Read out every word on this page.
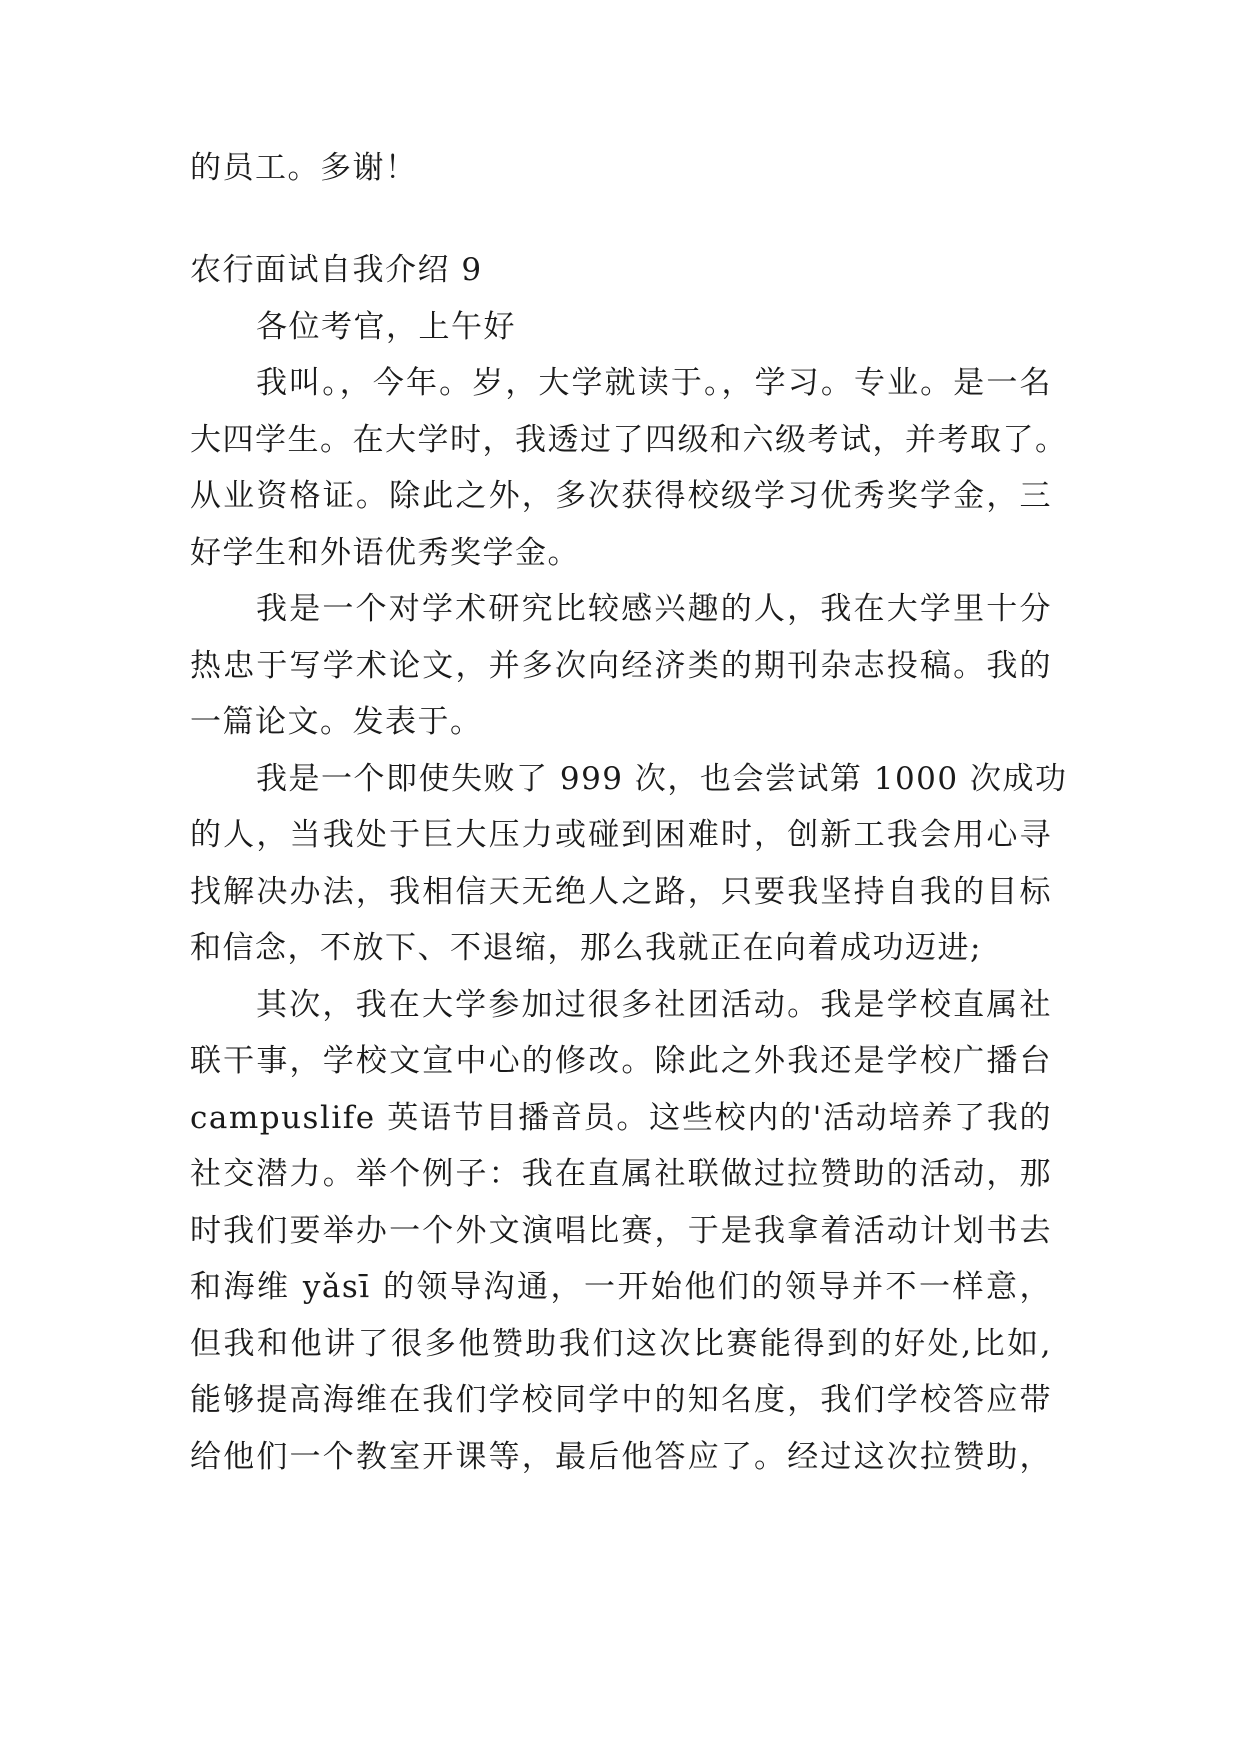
的员工。多谢！
农行面试自我介绍 9
各位考官，上午好
我叫。，今年。岁，大学就读于。，学习。专业。是一名
大四学生。在大学时，我透过了四级和六级考试，并考取了。
从业资格证。除此之外，多次获得校级学习优秀奖学金，三
好学生和外语优秀奖学金。
我是一个对学术研究比较感兴趣的人，我在大学里十分
热忠于写学术论文，并多次向经济类的期刊杂志投稿。我的
一篇论文。发表于。
我是一个即使失败了 999 次，也会尝试第 1000 次成功
的人，当我处于巨大压力或碰到困难时，创新工我会用心寻
找解决办法，我相信天无绝人之路，只要我坚持自我的目标
和信念，不放下、不退缩，那么我就正在向着成功迈进;
其次，我在大学参加过很多社团活动。我是学校直属社
联干事，学校文宣中心的修改。除此之外我还是学校广播台
campuslife 英语节目播音员。这些校内的'活动培养了我的
社交潜力。举个例子：我在直属社联做过拉赞助的活动，那
时我们要举办一个外文演唱比赛，于是我拿着活动计划书去
和海维 yǎsī 的领导沟通，一开始他们的领导并不一样意，
但我和他讲了很多他赞助我们这次比赛能得到的好处,比如,
能够提高海维在我们学校同学中的知名度，我们学校答应带
给他们一个教室开课等，最后他答应了。经过这次拉赞助，
